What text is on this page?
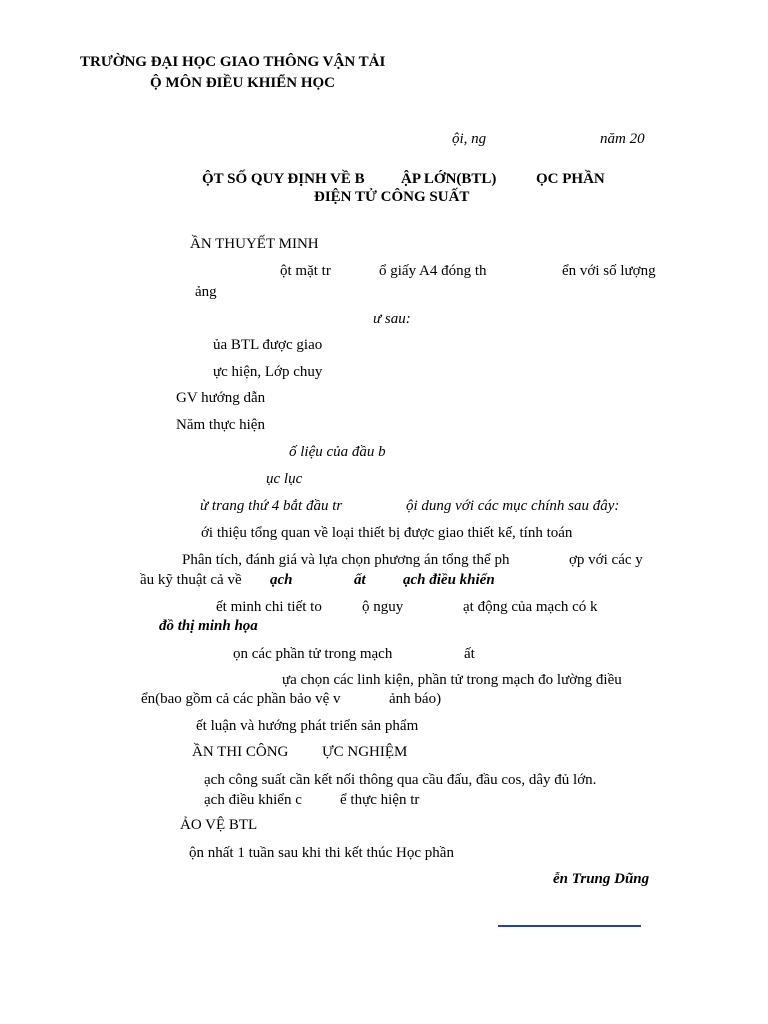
TRƯỜNG ĐẠI HỌC GIAO THÔNG VẬN TẢI
Ộ MÔN ĐIỀU KHIỂN HỌC
ội, ng	năm 20
ỘT SỐ QUY ĐỊNH VỀ B ẬP LỚN(BTL)	ỌC PHẦN
ĐIỆN TỬ CÔNG SUẤT
ẦN THUYẾT MINH
ột mặt tr	ổ giấy A4 đóng th	ển với số lượng
ảng
ư sau:
ủa BTL được giao
ực hiện, Lớp chuy
GV hướng dẫn
Năm thực hiện
ố liệu của đầu b
ục lục
ừ trang thứ 4 bắt đầu tr	ội dung với các mục chính sau đây:
ới thiệu tổng quan về loại thiết bị được giao thiết kế, tính toán
Phân tích, đánh giá và lựa chọn phương án tổng thể ph	ợp với các y
ầu kỹ thuật cả về ạch	ất ạch điều khiển
ết minh chi tiết to	ộ nguy	ạt động của mạch có k
đồ thị minh họa
ọn các phần tử trong mạch	ất
ựa chọn các linh kiện, phần tử trong mạch đo lường điều
ển(bao gồm cả các phần bảo vệ v	ảnh báo)
ết luận và hướng phát triển sản phẩm
ẦN THI CÔNG ỰC NGHIỆM
ạch công suất cần kết nối thông qua cầu đấu, đầu cos, dây đủ lớn.
ạch điều khiển c	ể thực hiện tr
ẢO VỆ BTL
ộn nhất 1 tuần sau khi thi kết thúc Học phần
ễn Trung Dũng
